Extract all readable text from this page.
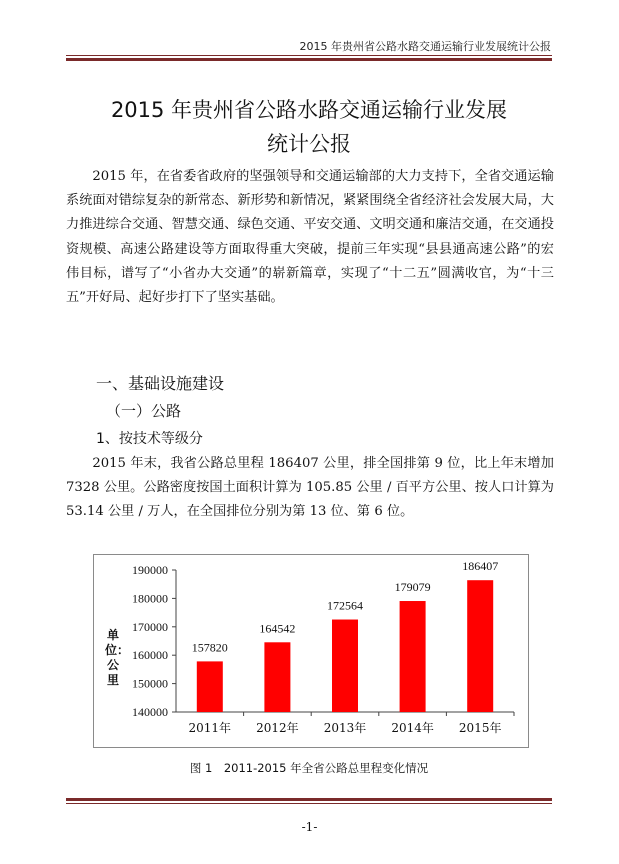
2015 年贵州省公路水路交通运输行业发展统计公报
2015 年贵州省公路水路交通运输行业发展
统计公报

2015 年，在省委省政府的坚强领导和交通运输部的大力支持下，全省交通运输系统面对错综复杂的新常态、新形势和新情况，紧紧围绕全省经济社会发展大局，大力推进综合交通、智慧交通、绿色交通、平安交通、文明交通和廉洁交通，在交通投资规模、高速公路建设等方面取得重大突破，提前三年实现“县县通高速公路”的宏伟目标，谱写了“小省办大交通”的崭新篇章，实现了“十二五”圆满收官，为“十三五”开好局、起好步打下了坚实基础。

一、基础设施建设
（一）公路
1、按技术等级分

2015 年末，我省公路总里程 186407 公里，排全国排第 9 位，比上年末增加 7328 公里。公路密度按国土面积计算为 105.85 公里 / 百平方公里、按人口计算为 53.14 公里 / 万人，在全国排位分别为第 13 位、第 6 位。

140000
150000
160000
170000
180000
190000
157820
2011年
164542
2012年
172564
2013年
179079
2014年
186407
2015年
单位：公里
图 1　2011-2015 年全省公路总里程变化情况
-1-
